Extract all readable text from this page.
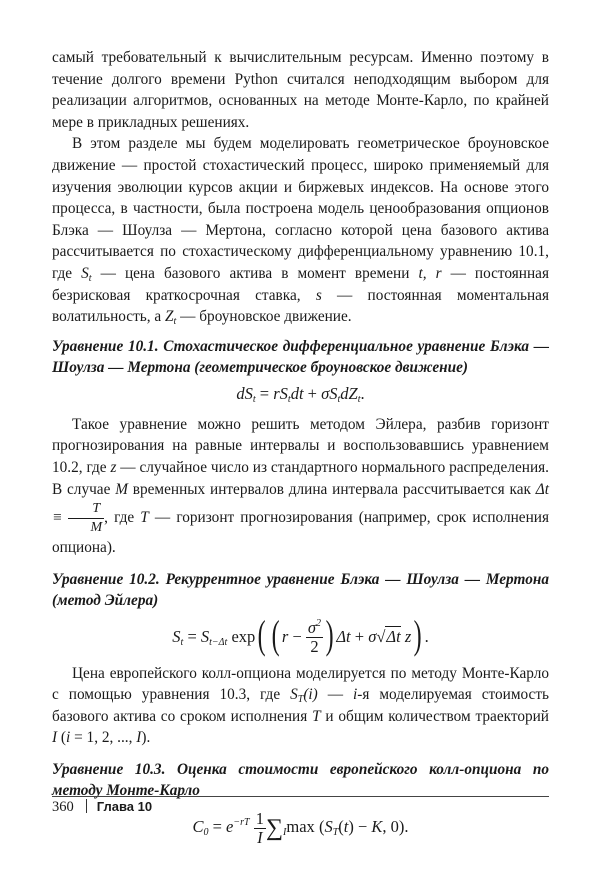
самый требовательный к вычислительным ресурсам. Именно поэтому в течение долгого времени Python считался неподходящим выбором для реализации алгоритмов, основанных на методе Монте-Карло, по крайней мере в прикладных решениях.

В этом разделе мы будем моделировать геометрическое броуновское движение — простой стохастический процесс, широко применяемый для изучения эволюции курсов акции и биржевых индексов. На основе этого процесса, в частности, была построена модель ценообразования опционов Блэка — Шоулза — Мертона, согласно которой цена базового актива рассчитывается по стохастическому дифференциальному уравнению 10.1, где $S_t$ — цена базового актива в момент времени t, r — постоянная безрисковая краткосрочная ставка, s — постоянная моментальная волатильность, а $Z_t$ — броуновское движение.

Уравнение 10.1. Стохастическое дифференциальное уравнение Блэка — Шоулза — Мертона (геометрическое броуновское движение)

$dS_t = rS_tdt + \sigma S_tdZ_t$.

Такое уравнение можно решить методом Эйлера, разбив горизонт прогнозирования на равные интервалы и воспользовавшись уравнением 10.2, где z — случайное число из стандартного нормального распределения. В случае M временных интервалов длина интервала рассчитывается как $\Delta t \equiv \frac{T}{M}$ , где T — горизонт прогнозирования (например, срок исполнения опциона).

Уравнение 10.2. Рекуррентное уравнение Блэка — Шоулза — Мертона (метод Эйлера)

$S_t = S_{t-\Delta t}$ exp( ( $r - \frac{\sigma^2}{2}$ ) Δt + σ√Δt z) .

Цена европейского колл-опциона моделируется по методу Монте-Карло с помощью уравнения 10.3, где $S_T(i)$ — i-я моделируемая стоимость базового актива со сроком исполнения T и общим количеством траекторий I (i = 1, 2, ..., I).

Уравнение 10.3. Оценка стоимости европейского колл-опциона по методу Монте-Карло

$C_0 = e^{-rT} \frac{1}{I} \sum_I\max$ ($S_T(t) - K$, 0).
360 Глава 10
